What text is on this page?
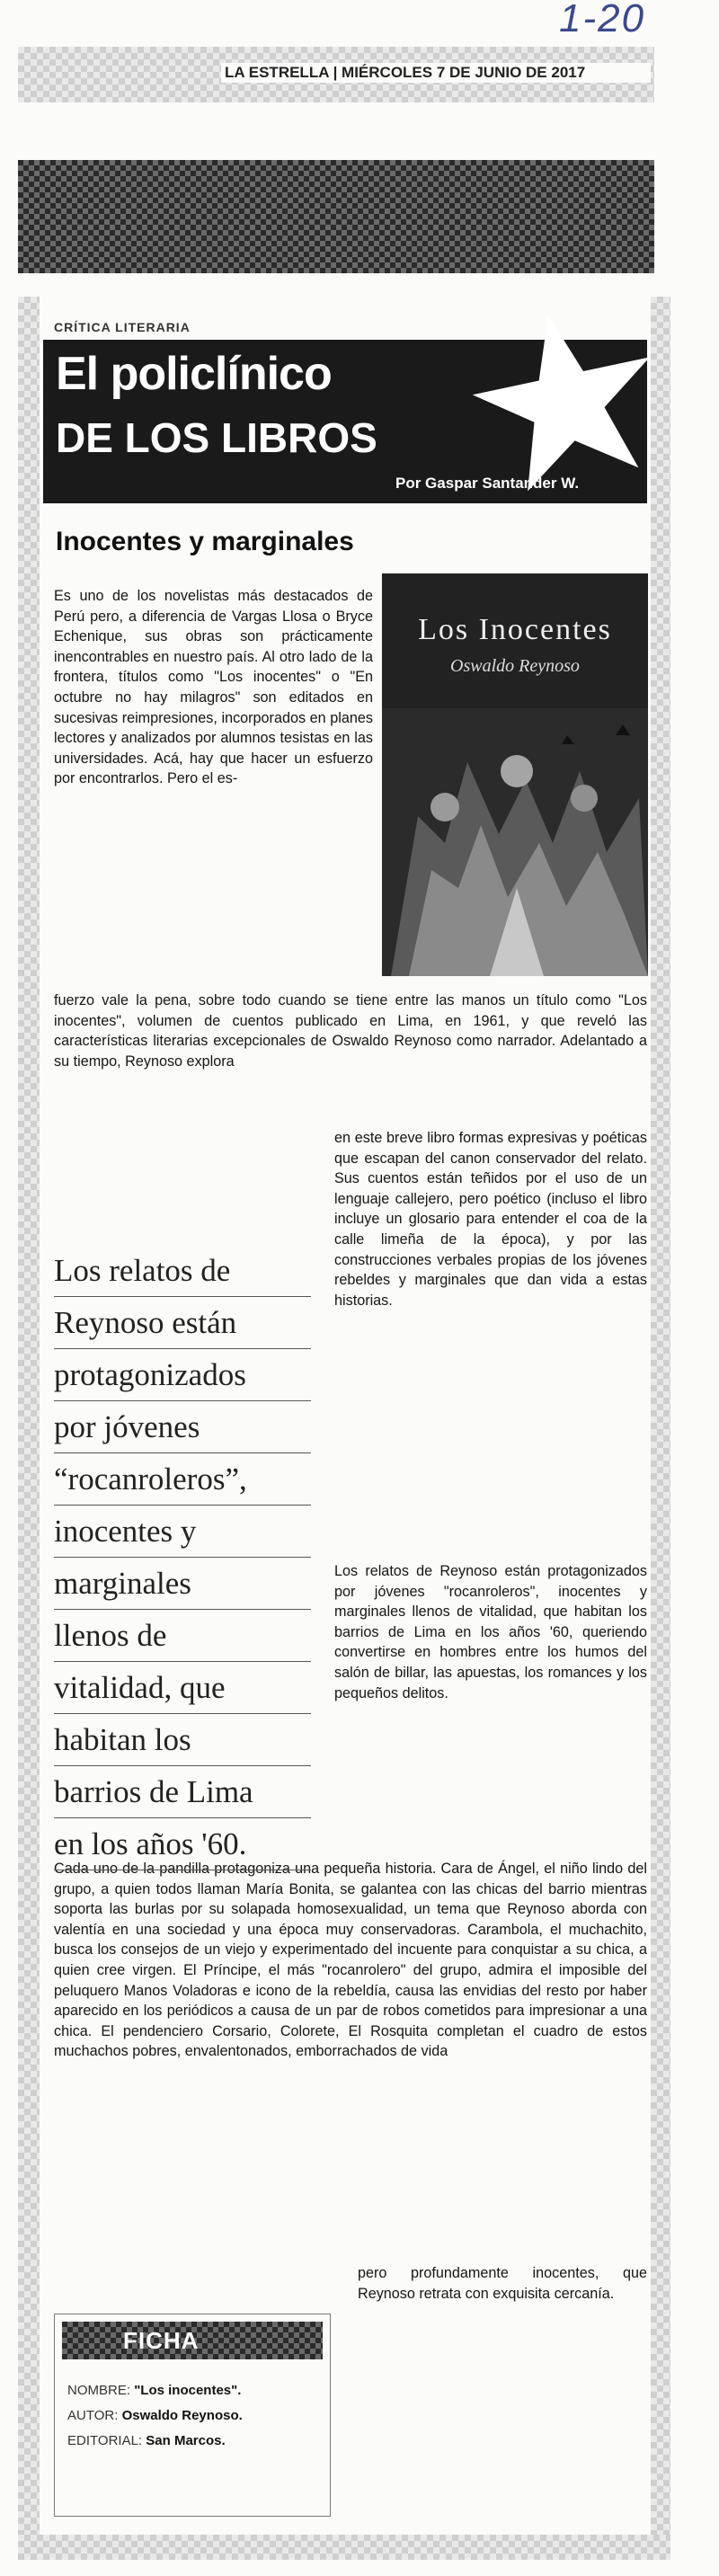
LA ESTRELLA | MIÉRCOLES 7 DE JUNIO DE 2017
1-20
CRÍTICA LITERARIA
El policlínico
DE LOS LIBROS
Por Gaspar Santander W.
Inocentes y marginales
Los Inocentes
Oswaldo Reynoso
Es uno de los novelistas más destacados de Perú pero, a diferencia de Vargas Llosa o Bryce Echenique, sus obras son prácticamente inencontrables en nuestro país. Al otro lado de la frontera, títulos como "Los inocentes" o "En octubre no hay milagros" son editados en sucesivas reimpresiones, incorporados en planes lectores y analizados por alumnos tesistas en las universidades. Acá, hay que hacer un esfuerzo por encontrarlos. Pero el es-
fuerzo vale la pena, sobre todo cuando se tiene entre las manos un título como "Los inocentes", volumen de cuentos publicado en Lima, en 1961, y que reveló las características literarias excepcionales de Oswaldo Reynoso como narrador. Adelantado a su tiempo, Reynoso explora
en este breve libro formas expresivas y poéticas que escapan del canon conservador del relato. Sus cuentos están teñidos por el uso de un lenguaje callejero, pero poético (incluso el libro incluye un glosario para entender el coa de la calle limeña de la época), y por las construcciones verbales propias de los jóvenes rebeldes y marginales que dan vida a estas historias.
Los relatos de Reynoso están protagonizados por jóvenes "rocanroleros", inocentes y marginales llenos de vitalidad, que habitan los barrios de Lima en los años '60, queriendo convertirse en hombres entre los humos del salón de billar, las apuestas, los romances y los pequeños delitos.
Cada uno de la pandilla protagoniza una pequeña historia. Cara de Ángel, el niño lindo del grupo, a quien todos llaman María Bonita, se galantea con las chicas del barrio mientras soporta las burlas por su solapada homosexualidad, un tema que Reynoso aborda con valentía en una sociedad y una época muy conservadoras. Carambola, el muchachito, busca los consejos de un viejo y experimentado del incuente para conquistar a su chica, a quien cree virgen. El Príncipe, el más "rocanrolero" del grupo, admira el imposible del peluquero Manos Voladoras e icono de la rebeldía, causa las envidias del resto por haber aparecido en los periódicos a causa de un par de robos cometidos para impresionar a una chica. El pendenciero Corsario, Colorete, El Rosquita completan el cuadro de estos muchachos pobres, envalentonados, emborrachados de vida
pero profundamente inocentes, que Reynoso retrata con exquisita cercanía.
Los relatos de
Reynoso están
protagonizados
por jóvenes
“rocanroleros”,
inocentes y
marginales
llenos de
vitalidad, que
habitan los
barrios de Lima
en los años '60.
FICHA
NOMBRE: "Los inocentes".
AUTOR: Oswaldo Reynoso.
EDITORIAL: San Marcos.
